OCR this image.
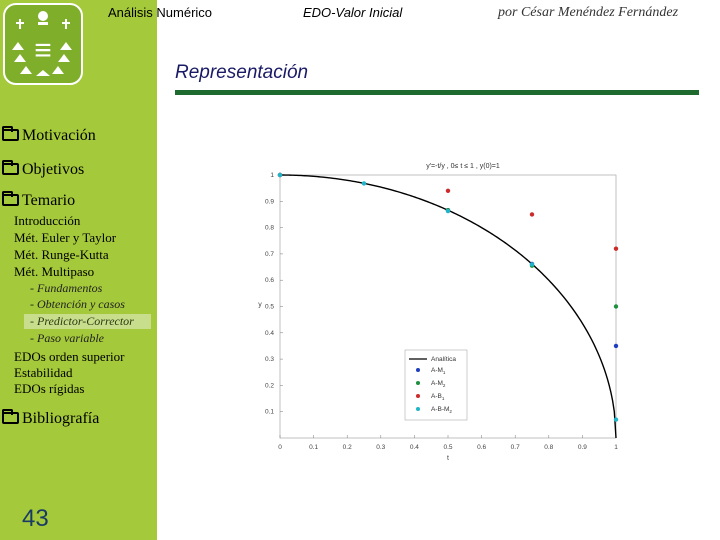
≡
Análisis Numérico	EDO-Valor Inicial	por César Menéndez Fernández
Representación
Motivación
Objetivos
Temario
Introducción
Mét. Euler y Taylor
Mét. Runge-Kutta
Mét. Multipaso
- Fundamentos
- Obtención y casos
- Predictor-Corrector
- Paso variable
EDOs orden superior
Estabilidad
EDOs rígidas
Bibliografía
43
y'=-t/y , 0≤ t ≤ 1 , y(0)=1
0	0.1	0.2	0.3	0.4	0.5	0.6	0.7	0.8	0.9	1
0.1
0.2
0.3
0.4
0.5
0.6
0.7
0.8
0.9
1
t
y
Analítica
$A-M_1$
$A-M_2$
$A-B_1$
$A-B-M_2$
